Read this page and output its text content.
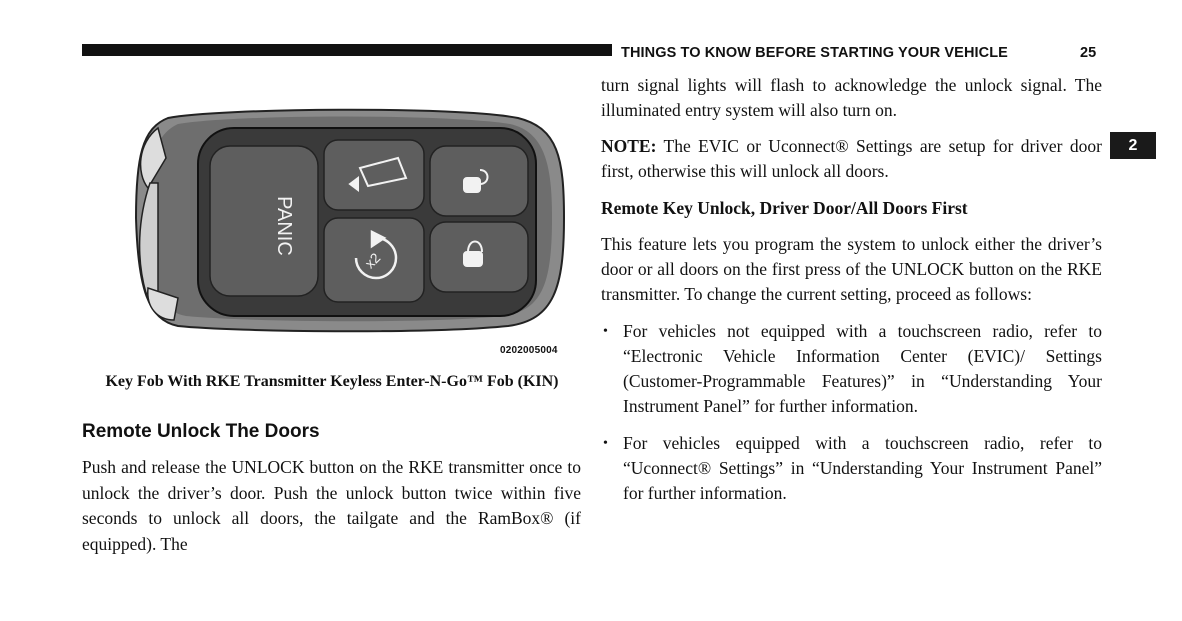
THINGS TO KNOW BEFORE STARTING YOUR VEHICLE	25
2
PANIC
x2
0202005004
Key Fob With RKE Transmitter Keyless Enter-N-Go™ Fob (KIN)
Remote Unlock The Doors
Push and release the UNLOCK button on the RKE transmitter once to unlock the driver’s door. Push the unlock button twice within five seconds to unlock all doors, the tailgate and the RamBox® (if equipped). The

turn signal lights will flash to acknowledge the unlock signal. The illuminated entry system will also turn on.

NOTE: The EVIC or Uconnect® Settings are setup for driver door first, otherwise this will unlock all doors.

Remote Key Unlock, Driver Door/All Doors First

This feature lets you program the system to unlock either the driver’s door or all doors on the first press of the UNLOCK button on the RKE transmitter. To change the current setting, proceed as follows:

• For vehicles not equipped with a touchscreen radio, refer to “Electronic Vehicle Information Center (EVIC)/ Settings (Customer-Programmable Features)” in “Understanding Your Instrument Panel” for further information.
• For vehicles equipped with a touchscreen radio, refer to “Uconnect® Settings” in “Understanding Your Instrument Panel” for further information.
